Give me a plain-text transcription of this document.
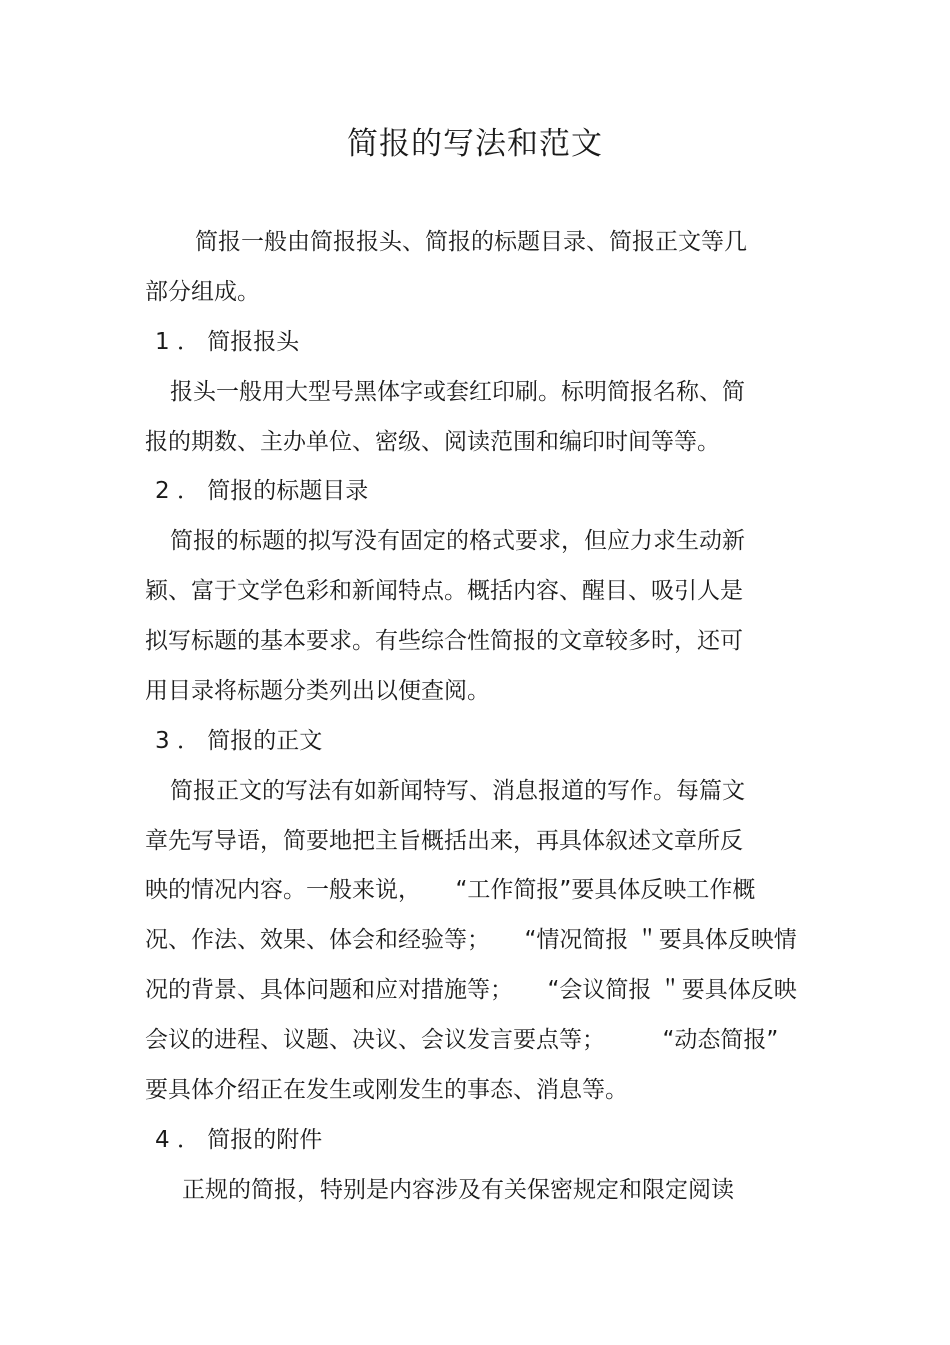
简报的写法和范文
简报一般由简报报头、简报的标题目录、简报正文等几
部分组成。
1 ． 简报报头
报头一般用大型号黑体字或套红印刷。标明简报名称、简
报的期数、主办单位、密级、阅读范围和编印时间等等。
2 ． 简报的标题目录
简报的标题的拟写没有固定的格式要求，但应力求生动新
颖、富于文学色彩和新闻特点。概括内容、醒目、吸引人是
拟写标题的基本要求。有些综合性简报的文章较多时，还可
用目录将标题分类列出以便查阅。
3 ． 简报的正文
简报正文的写法有如新闻特写、消息报道的写作。每篇文
章先写导语，简要地把主旨概括出来，再具体叙述文章所反
映的情况内容。一般来说，　　“工作简报”要具体反映工作概
况、作法、效果、体会和经验等；　　“情况简报 ＂要具体反映情
况的背景、具体问题和应对措施等；　　“会议简报 ＂要具体反映
会议的进程、议题、决议、会议发言要点等；　　　“动态简报”
要具体介绍正在发生或刚发生的事态、消息等。
4 ． 简报的附件
正规的简报，特别是内容涉及有关保密规定和限定阅读
